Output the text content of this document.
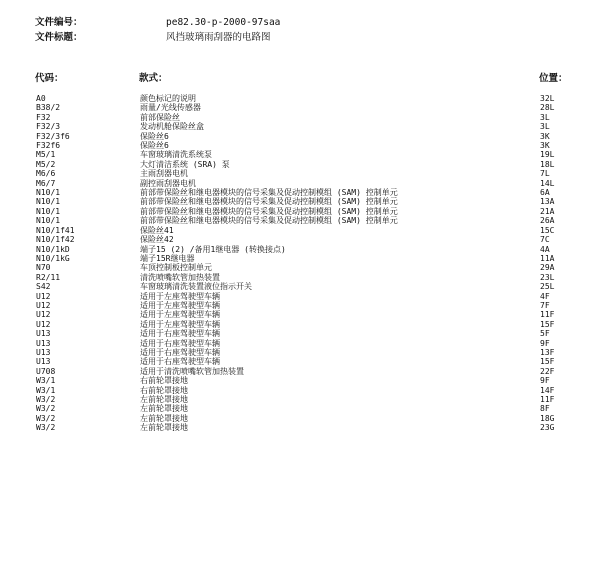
文件编号：	pe82.30-p-2000-97saa
文件标题：	风挡玻璃雨刮器的电路图
代码：	款式：	位置：
A0	颜色标记的说明	32L
B38/2	雨量/光线传感器	28L
F32	前部保险丝	3L
F32/3	发动机舱保险丝盒	3L
F32/3f6	保险丝6	3K
F32f6	保险丝6	3K
M5/1	车窗玻璃清洗系统泵	19L
M5/2	大灯清洁系统 (SRA) 泵	18L
M6/6	主雨刮器电机	7L
M6/7	副控雨刮器电机	14L
N10/1	前部带保险丝和继电器模块的信号采集及促动控制模组 (SAM) 控制单元	6A
N10/1	前部带保险丝和继电器模块的信号采集及促动控制模组 (SAM) 控制单元	13A
N10/1	前部带保险丝和继电器模块的信号采集及促动控制模组 (SAM) 控制单元	21A
N10/1	前部带保险丝和继电器模块的信号采集及促动控制模组 (SAM) 控制单元	26A
N10/1f41	保险丝41	15C
N10/1f42	保险丝42	7C
N10/1kD	端子15 (2) /备用1继电器 (转换接点)	4A
N10/1kG	端子15R继电器	11A
N70	车顶控制板控制单元	29A
R2/11	清洗喷嘴软管加热装置	23L
S42	车窗玻璃清洗装置液位指示开关	25L
U12	适用于左座驾驶型车辆	4F
U12	适用于左座驾驶型车辆	7F
U12	适用于左座驾驶型车辆	11F
U12	适用于左座驾驶型车辆	15F
U13	适用于右座驾驶型车辆	5F
U13	适用于右座驾驶型车辆	9F
U13	适用于右座驾驶型车辆	13F
U13	适用于右座驾驶型车辆	15F
U708	适用于清洗喷嘴软管加热装置	22F
W3/1	右前轮罩接地	9F
W3/1	右前轮罩接地	14F
W3/2	左前轮罩接地	11F
W3/2	左前轮罩接地	8F
W3/2	左前轮罩接地	18G
W3/2	左前轮罩接地	23G
